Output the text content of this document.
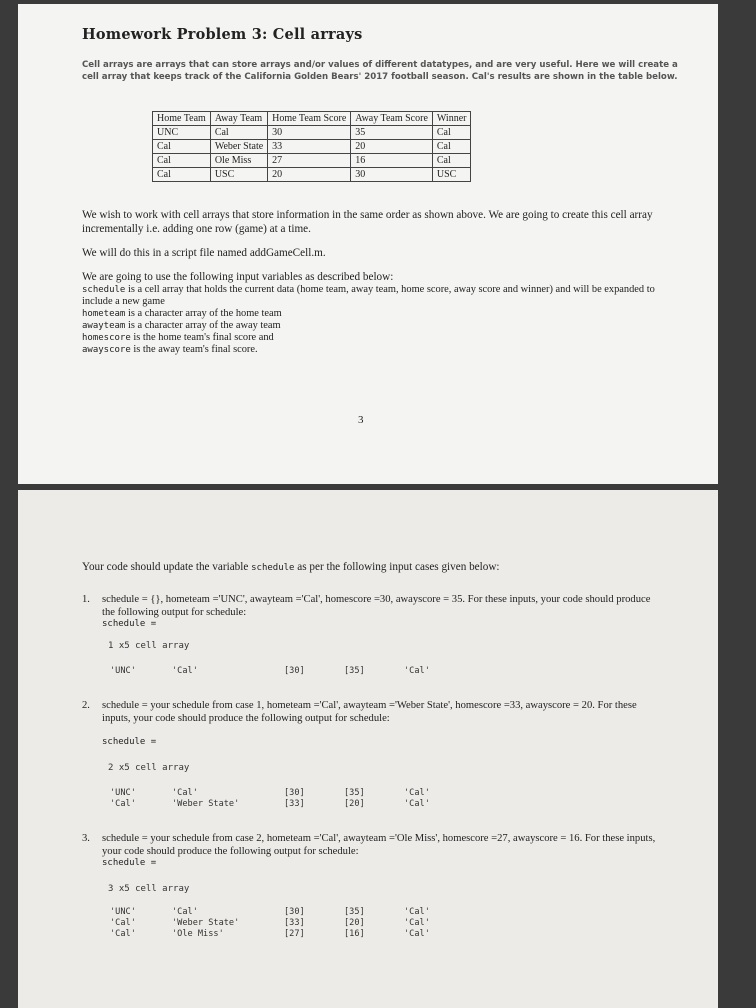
Homework Problem 3: Cell arrays

Cell arrays are arrays that can store arrays and/or values of different datatypes, and are very useful. Here we will create a cell array that keeps track of the California Golden Bears' 2017 football season. Cal's results are shown in the table below.

Home Team	Away Team	Home Team Score	Away Team Score	Winner
UNC	Cal	30	35	Cal
Cal	Weber State	33	20	Cal
Cal	Ole Miss	27	16	Cal
Cal	USC	20	30	USC

We wish to work with cell arrays that store information in the same order as shown above. We are going to create this cell array incrementally i.e. adding one row (game) at a time.

We will do this in a script file named addGameCell.m.

We are going to use the following input variables as described below:

schedule is a cell array that holds the current data (home team, away team, home score, away score and winner) and will be expanded to include a new game
hometeam is a character array of the home team
awayteam is a character array of the away team
homescore is the home team's final score and
awayscore is the away team's final score.
3

Your code should update the variable schedule as per the following input cases given below:

1. schedule = {}, hometeam ='UNC', awayteam ='Cal', homescore =30, awayscore = 35. For these inputs, your code should produce the following output for schedule:
schedule =
1 x5 cell array
'UNC'	'Cal'	[30]	[35]	'Cal'
2. schedule = your schedule from case 1, hometeam ='Cal', awayteam ='Weber State', homescore =33, awayscore = 20. For these inputs, your code should produce the following output for schedule:
schedule =
2 x5 cell array
'UNC'	'Cal'	[30]	[35]	'Cal'
'Cal'	'Weber State'	[33]	[20]	'Cal'
3. schedule = your schedule from case 2, hometeam ='Cal', awayteam ='Ole Miss', homescore =27, awayscore = 16. For these inputs, your code should produce the following output for schedule:
schedule =
3 x5 cell array
'UNC'	'Cal'	[30]	[35]	'Cal'
'Cal'	'Weber State'	[33]	[20]	'Cal'
'Cal'	'Ole Miss'	[27]	[16]	'Cal'
